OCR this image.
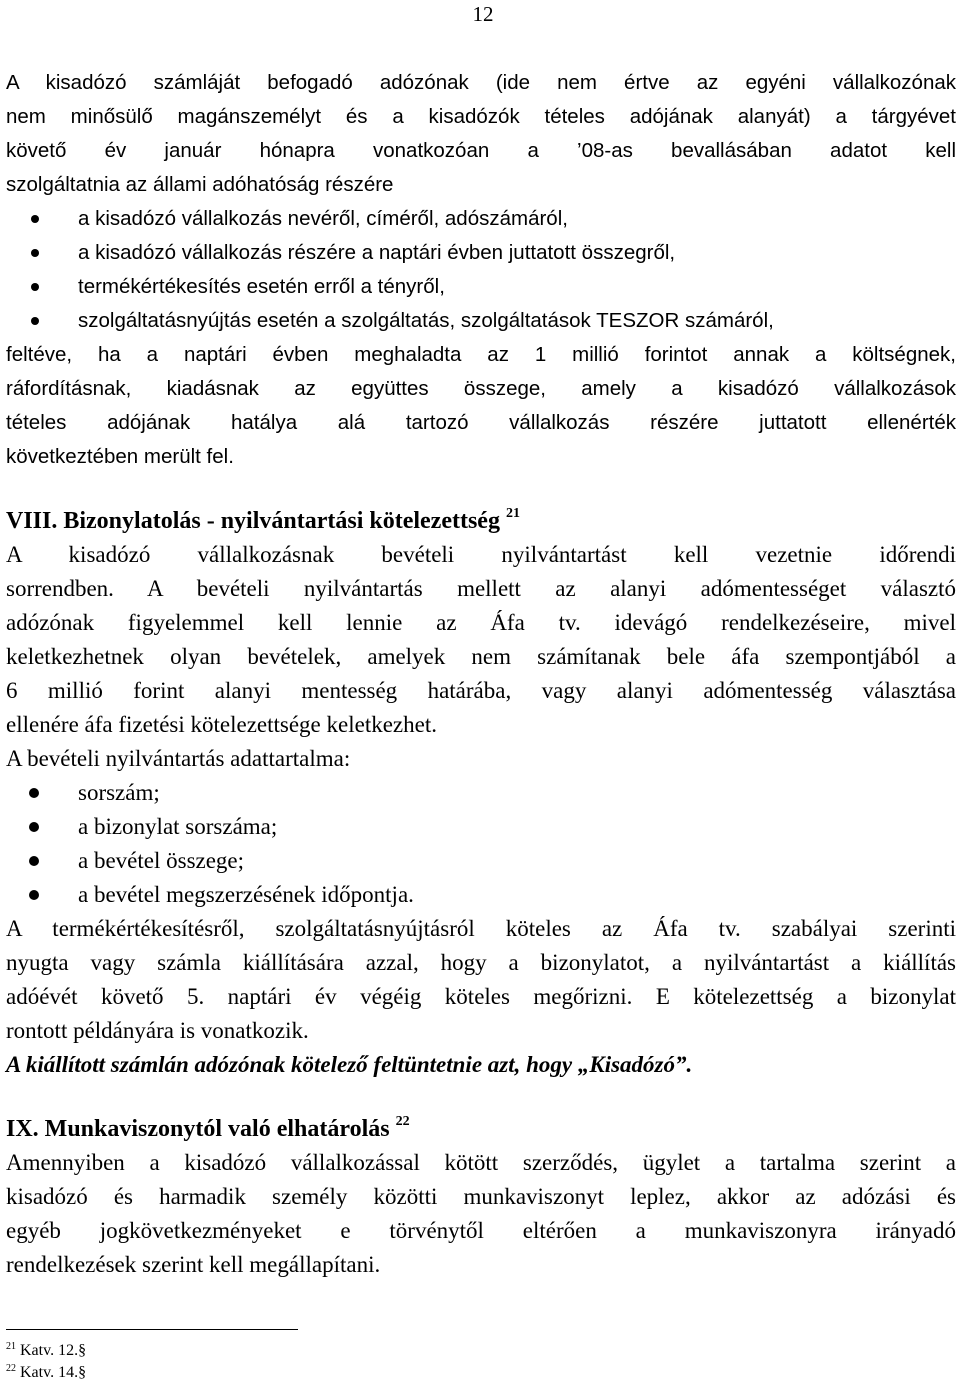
12

A kisadózó számláját befogadó adózónak (ide nem értve az egyéni vállalkozónak

nem minősülő magánszemélyt és a kisadózók tételes adójának alanyát) a tárgyévet

követő év január hónapra vonatkozóan a ’08-as bevallásában adatot kell

szolgáltatnia az állami adóhatóság részére

a kisadózó vállalkozás nevéről, címéről, adószámáról,
a kisadózó vállalkozás részére a naptári évben juttatott összegről,
termékértékesítés esetén erről a tényről,
szolgáltatásnyújtás esetén a szolgáltatás, szolgáltatások TESZOR számáról,

feltéve, ha a naptári évben meghaladta az 1 millió forintot annak a költségnek,

ráfordításnak, kiadásnak az együttes összege, amely a kisadózó vállalkozások

tételes adójának hatálya alá tartozó vállalkozás részére juttatott ellenérték

következtében merült fel.

VIII. Bizonylatolás - nyilvántartási kötelezettség $^{21}$

A kisadózó vállalkozásnak bevételi nyilvántartást kell vezetnie időrendi

sorrendben. A bevételi nyilvántartás mellett az alanyi adómentességet választó

adózónak figyelemmel kell lennie az Áfa tv. idevágó rendelkezéseire, mivel

keletkezhetnek olyan bevételek, amelyek nem számítanak bele áfa szempontjából a

6 millió forint alanyi mentesség határába, vagy alanyi adómentesség választása

ellenére áfa fizetési kötelezettsége keletkezhet.

A bevételi nyilvántartás adattartalma:

sorszám;
a bizonylat sorszáma;
a bevétel összege;
a bevétel megszerzésének időpontja.

A termékértékesítésről, szolgáltatásnyújtásról köteles az Áfa tv. szabályai szerinti

nyugta vagy számla kiállítására azzal, hogy a bizonylatot, a nyilvántartást a kiállítás

adóévét követő 5. naptári év végéig köteles megőrizni. E kötelezettség a bizonylat

rontott példányára is vonatkozik.

A kiállított számlán adózónak kötelező feltüntetnie azt, hogy „Kisadózó”.

IX. Munkaviszonytól való elhatárolás $^{22}$

Amennyiben a kisadózó vállalkozással kötött szerződés, ügylet a tartalma szerint a

kisadózó és harmadik személy közötti munkaviszonyt leplez, akkor az adózási és

egyéb jogkövetkezményeket e törvénytől eltérően a munkaviszonyra irányadó

rendelkezések szerint kell megállapítani.

$^{21}$ Katv. 12.§
$^{22}$ Katv. 14.§
